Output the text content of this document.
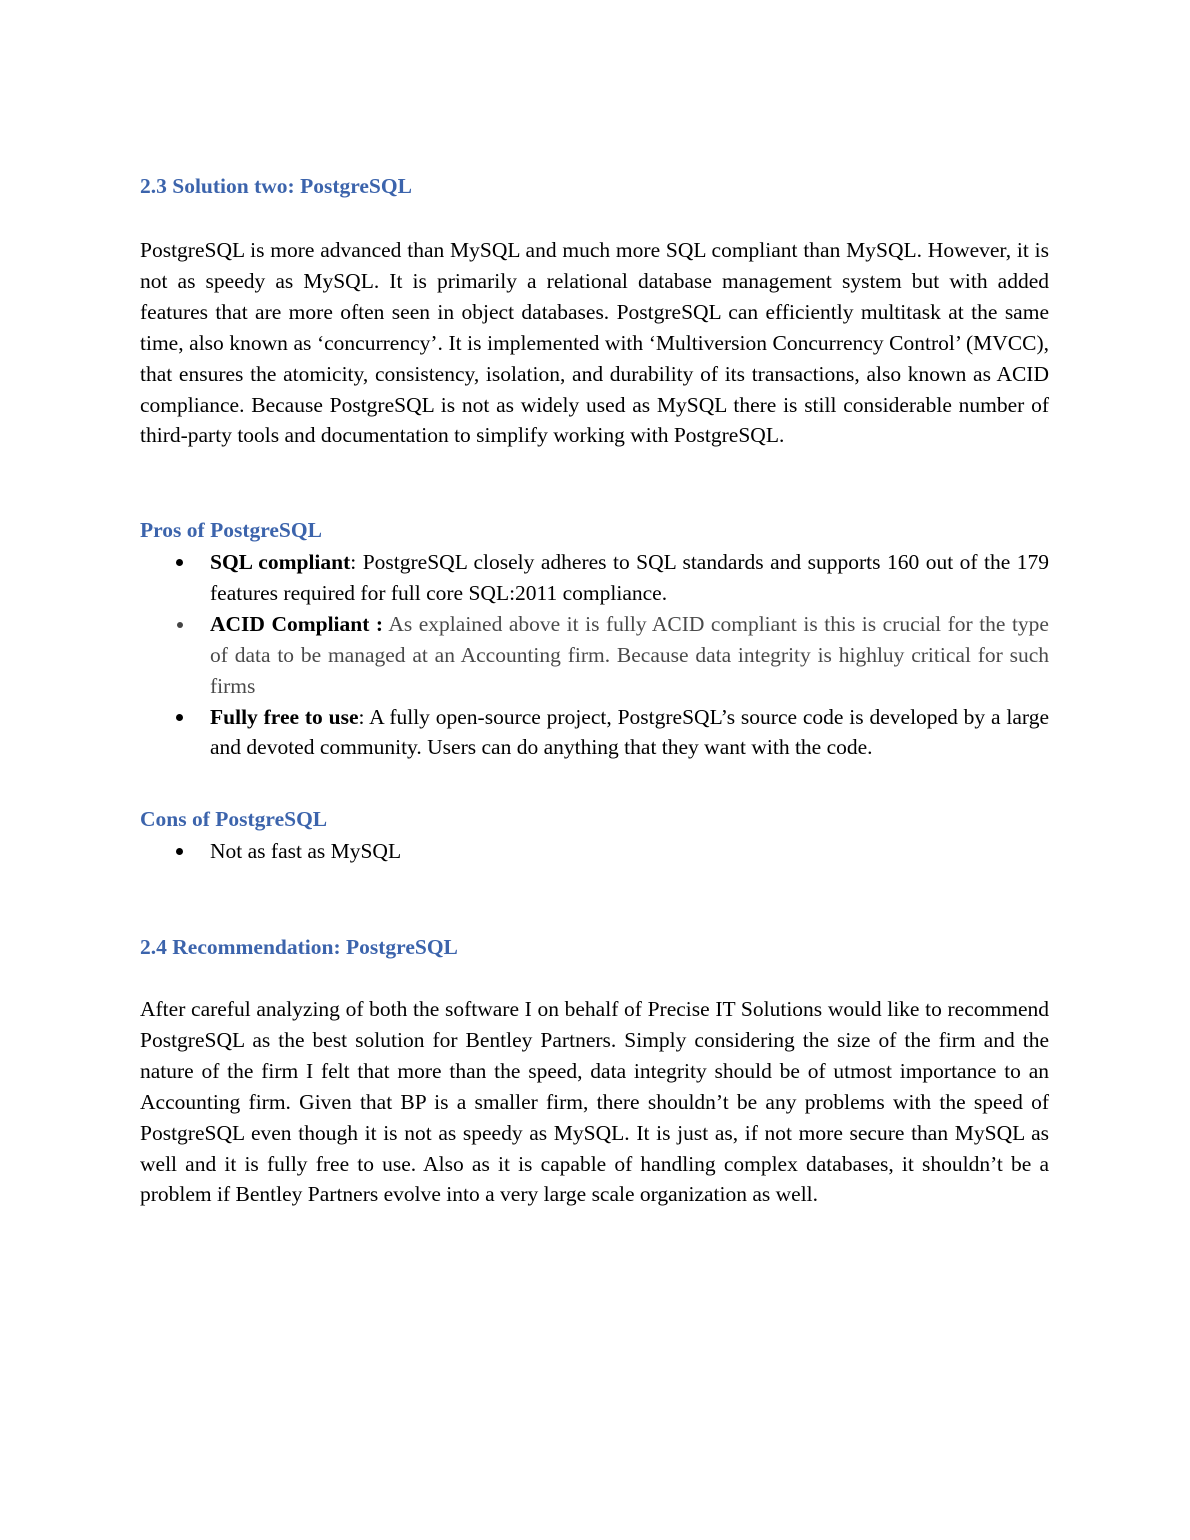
2.3 Solution two: PostgreSQL

PostgreSQL is more advanced than MySQL and much more SQL compliant than MySQL. However, it is not as speedy as MySQL. It is primarily a relational database management system but with added features that are more often seen in object databases. PostgreSQL can efficiently multitask at the same time, also known as ‘concurrency’. It is implemented with ‘Multiversion Concurrency Control’ (MVCC), that ensures the atomicity, consistency, isolation, and durability of its transactions, also known as ACID compliance. Because PostgreSQL is not as widely used as MySQL there is still considerable number of third-party tools and documentation to simplify working with PostgreSQL.

Pros of PostgreSQL
SQL compliant: PostgreSQL closely adheres to SQL standards and supports 160 out of the 179 features required for full core SQL:2011 compliance.
ACID Compliant : As explained above it is fully ACID compliant is this is crucial for the type of data to be managed at an Accounting firm. Because data integrity is highluy critical for such firms
Fully free to use: A fully open-source project, PostgreSQL’s source code is developed by a large and devoted community. Users can do anything that they want with the code.
Cons of PostgreSQL
Not as fast as MySQL
2.4 Recommendation: PostgreSQL

After careful analyzing of both the software I on behalf of Precise IT Solutions would like to recommend PostgreSQL as the best solution for Bentley Partners. Simply considering the size of the firm and the nature of the firm I felt that more than the speed, data integrity should be of utmost importance to an Accounting firm. Given that BP is a smaller firm, there shouldn’t be any problems with the speed of PostgreSQL even though it is not as speedy as MySQL. It is just as, if not more secure than MySQL as well and it is fully free to use. Also as it is capable of handling complex databases, it shouldn’t be a problem if Bentley Partners evolve into a very large scale organization as well.
